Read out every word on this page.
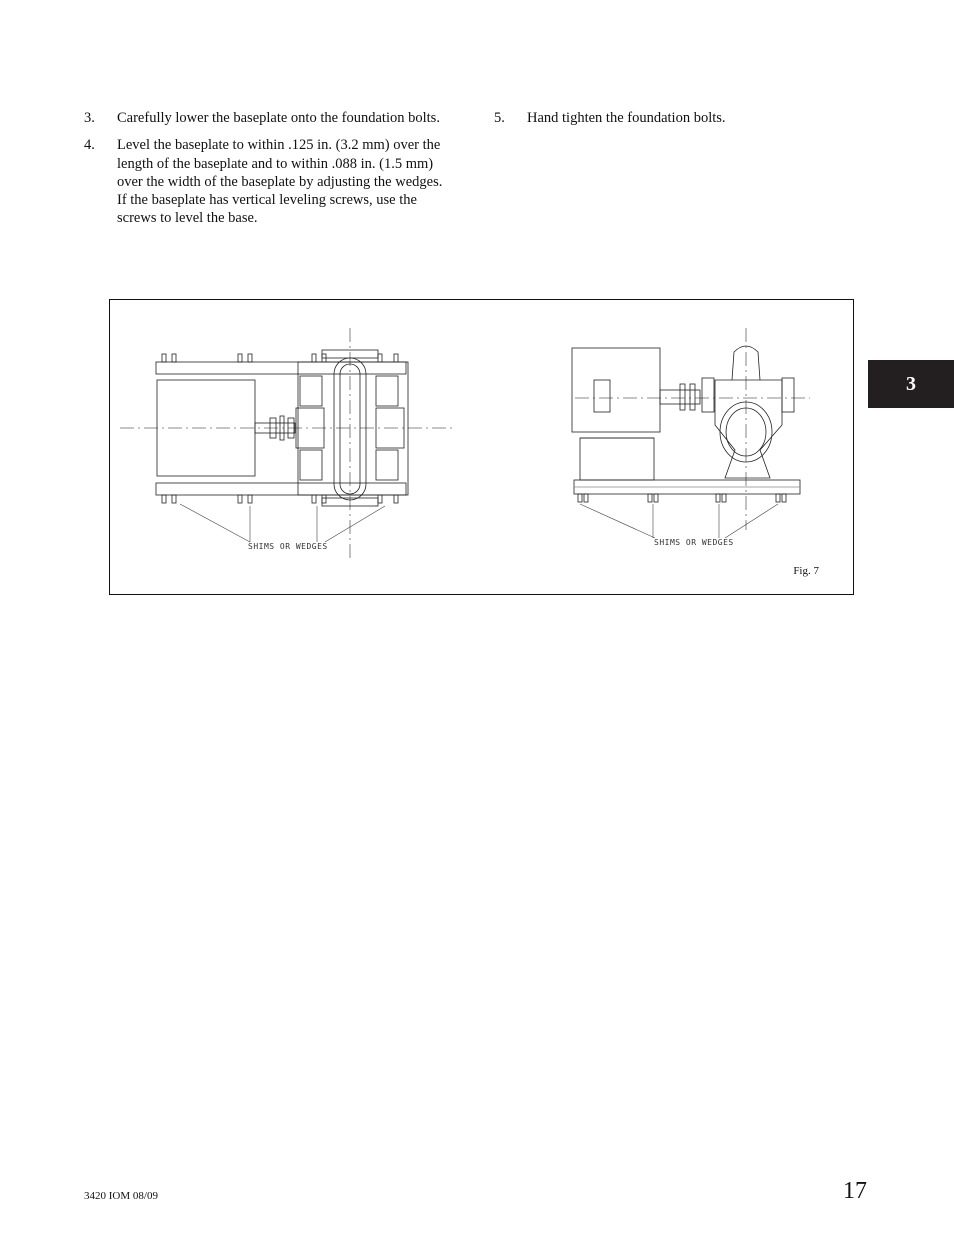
3. Carefully lower the baseplate onto the foundation bolts.
4. Level the baseplate to within .125 in. (3.2 mm) over the length of the baseplate and to within .088 in. (1.5 mm) over the width of the baseplate by adjusting the wedges. If the baseplate has vertical leveling screws, use the screws to level the base.
5. Hand tighten the foundation bolts.
SHIMS OR WEDGES	SHIMS OR WEDGES
Fig. 7
3
3420 IOM 08/09	17
